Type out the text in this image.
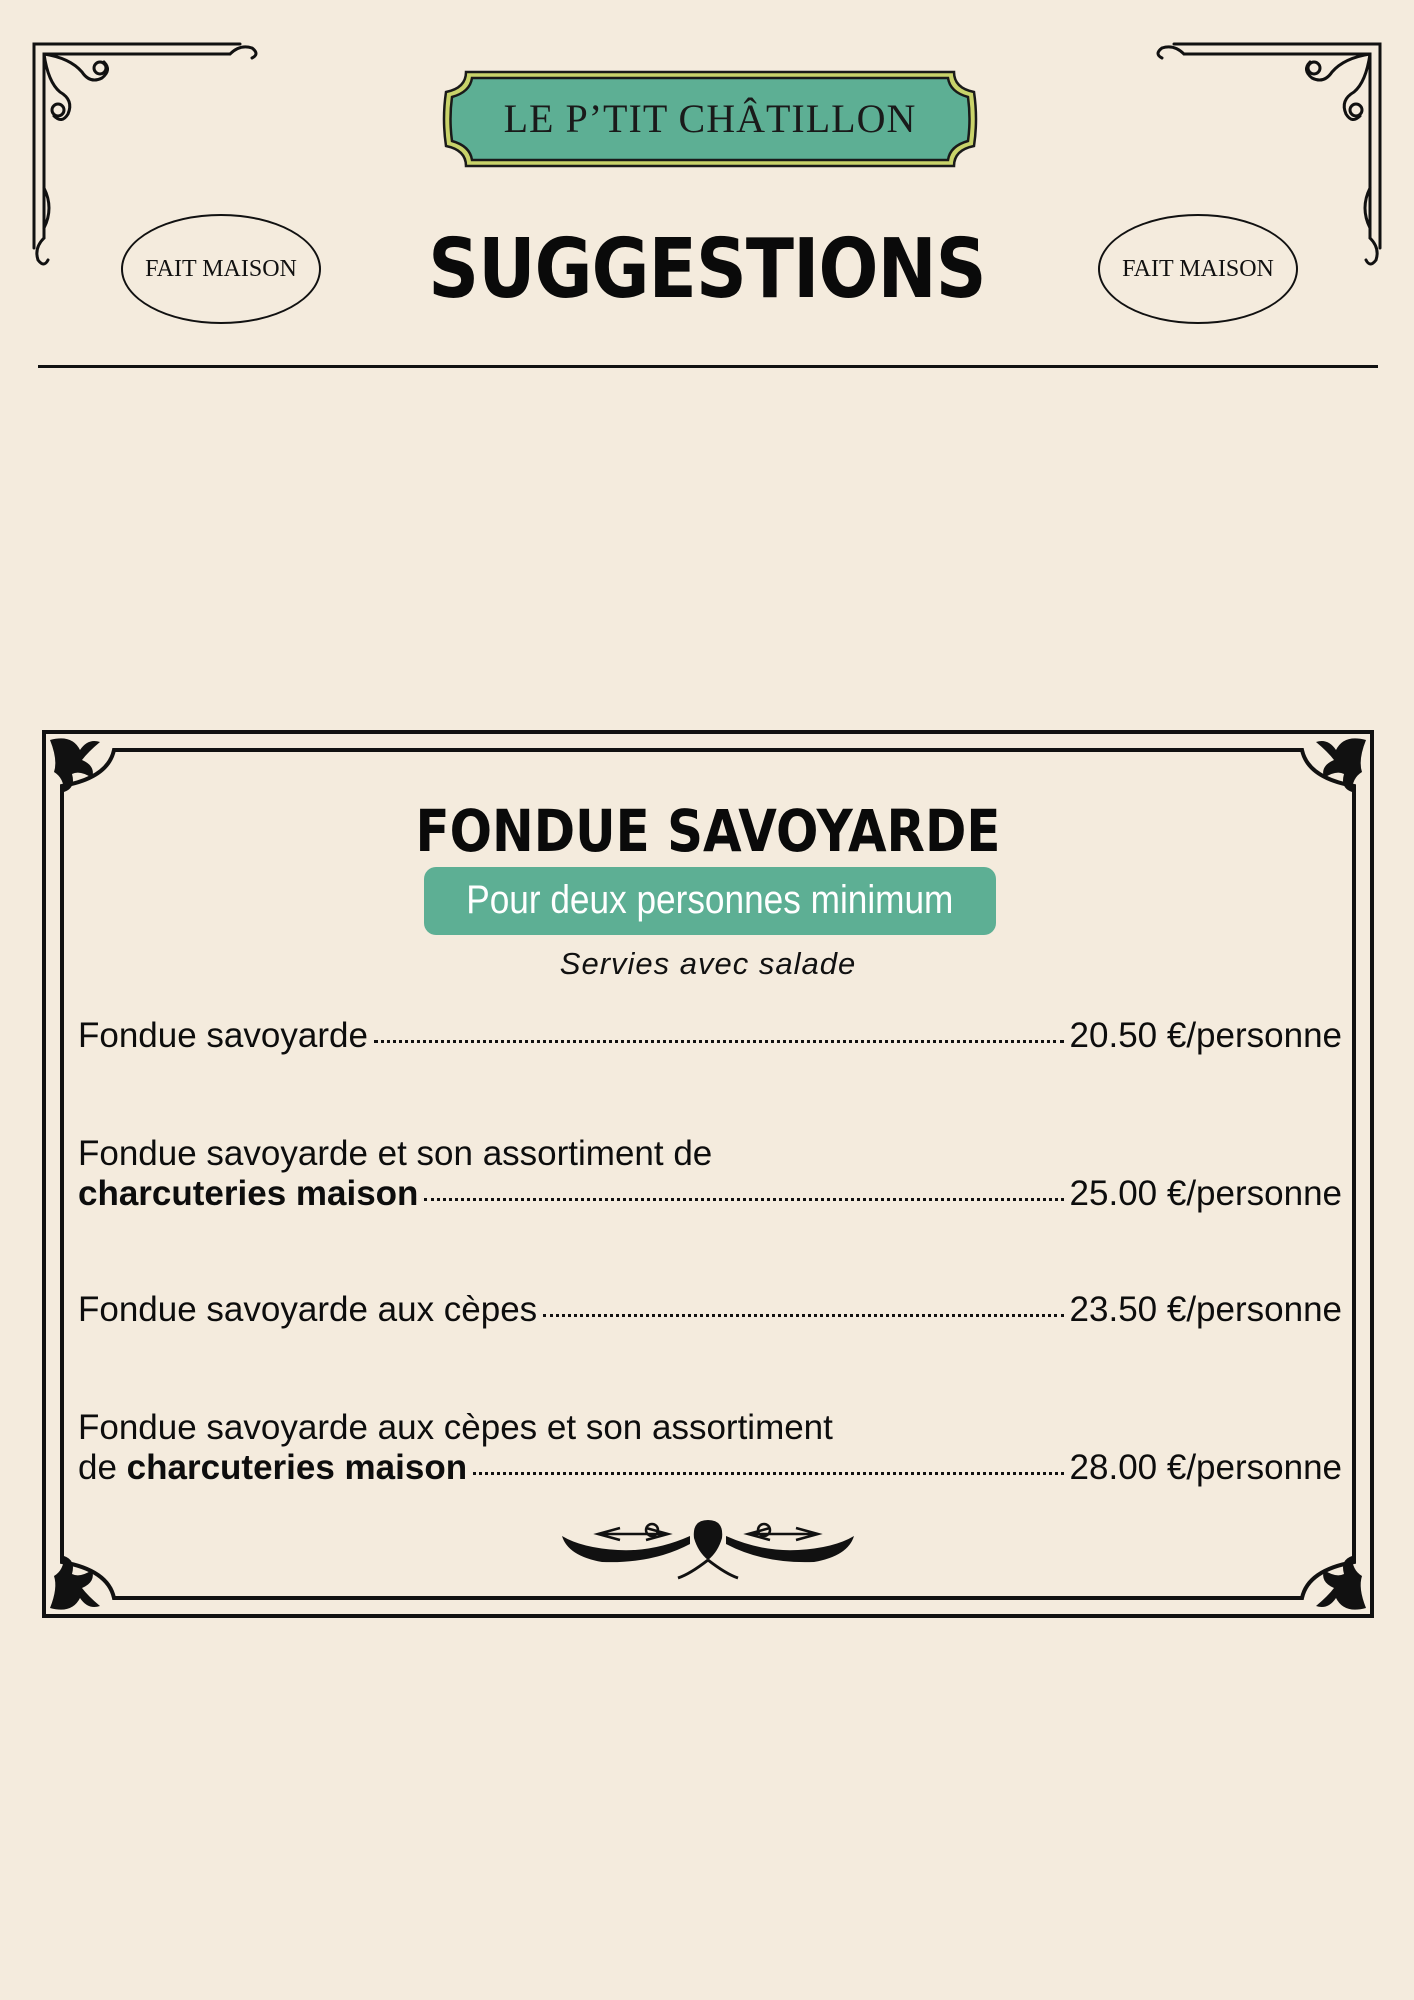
LE P’TIT CHÂTILLON
FAIT MAISON	FAIT MAISON
SUGGESTIONS
FONDUE SAVOYARDE
Pour deux personnes minimum
Servies avec salade
Fondue savoyarde	20.50 €/personne
Fondue savoyarde et son assortiment de
charcuteries maison	25.00 €/personne
Fondue savoyarde aux cèpes	23.50 €/personne
Fondue savoyarde aux cèpes et son assortiment
de charcuteries maison	28.00 €/personne
